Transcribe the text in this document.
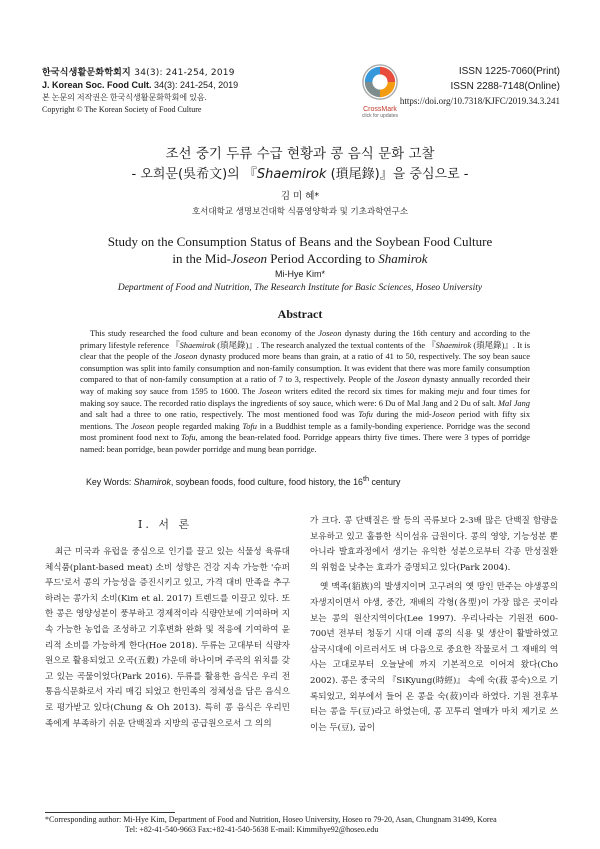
한국식생활문화학회지 34(3): 241-254, 2019
J. Korean Soc. Food Cult. 34(3): 241-254, 2019
본 논문의 저작권은 한국식생활문화학회에 있음.
Copyright © The Korean Society of Food Culture	CrossMark
click for updates
ISSN 1225-7060(Print)
ISSN 2288-7148(Online)
https://doi.org/10.7318/KJFC/2019.34.3.241
조선 중기 두류 수급 현황과 콩 음식 문화 고찰
- 오희문(吳希文)의 『Shaemirok (瑣尾錄)』을 중심으로 -
김 미 혜*
호서대학교 생명보건대학 식품영양학과 및 기초과학연구소
Study on the Consumption Status of Beans and the Soybean Food Culture
in the Mid-Joseon Period According to Shamirok
Mi-Hye Kim*
Department of Food and Nutrition, The Research Institute for Basic Sciences, Hoseo University
Abstract
This study researched the food culture and bean economy of the Joseon dynasty during the 16th century and according to the primary lifestyle reference 『Shaemirok (瑣尾錄)』. The research analyzed the textual contents of the 『Shaemirok (瑣尾錄)』. It is clear that the people of the Joseon dynasty produced more beans than grain, at a ratio of 41 to 50, respectively. The soy bean sauce consumption was split into family consumption and non-family consumption. It was evident that there was more family consumption compared to that of non-family consumption at a ratio of 7 to 3, respectively. People of the Joseon dynasty annually recorded their way of making soy sauce from 1595 to 1600. The Joseon writers edited the record six times for making meju and four times for making soy sauce. The recorded ratio displays the ingredients of soy sauce, which were: 6 Du of Mal Jang and 2 Du of salt. Mal Jang and salt had a three to one ratio, respectively. The most mentioned food was Tofu during the mid-Joseon period with fifty six mentions. The Joseon people regarded making Tofu in a Buddhist temple as a family-bonding experience. Porridge was the second most prominent food next to Tofu, among the bean-related food. Porridge appears thirty five times. There were 3 types of porridge named: bean porridge, bean powder porridge and mung bean porridge.
Key Words: Shamirok, soybean foods, food culture, food history, the 16th century
I. 서 론
최근 미국과 유럽을 중심으로 인기를 끌고 있는 식물성 육류대체식품(plant-based meat) 소비 성향은 건강 지속 가능한 '슈퍼 푸드'로서 콩의 가능성을 증진시키고 있고, 가격 대비 만족을 추구하려는 콩가치 소비(Kim et al. 2017) 트렌드를 이끌고 있다. 또한 콩은 영양성분이 풍부하고 경제적이라 식량안보에 기여하며 지속 가능한 농업을 조성하고 기후변화 완화 및 적응에 기여하여 윤리적 소비를 가능하게 한다(Hoe 2018). 두류는 고대부터 식량자원으로 활용되었고 오곡(五穀) 가운데 하나이며 주곡의 위치를 갖고 있는 곡물이었다(Park 2016). 두류를 활용한 음식은 우리 전통음식문화로서 자리 매김 되었고 한민족의 정체성을 담은 음식으로 평가받고 있다(Chung & Oh 2013). 특히 콩 음식은 우리민족에게 부족하기 쉬운 단백질과 지방의 공급원으로서 그 의의

가 크다. 콩 단백질은 쌀 등의 곡류보다 2-3배 많은 단백질 함량을 보유하고 있고 훌륭한 식이섬유 급원이다. 콩의 영양, 기능성분 뿐 아니라 발효과정에서 생기는 유익한 성분으로부터 각종 만성질환의 위험을 낮추는 효과가 증명되고 있다(Park 2004).

옛 맥족(貊族)의 발생지이며 고구려의 옛 땅인 만주는 야생콩의 자생지이면서 야생, 중간, 재배의 각형(各型)이 가장 많은 곳이라 보는 콩의 원산지역이다(Lee 1997). 우리나라는 기원전 600-700년 전부터 청동기 시대 이래 콩의 식용 및 생산이 활발하였고 삼국시대에 이르러서도 벼 다음으로 중요한 작물로서 그 재배의 역사는 고대로부터 오늘날에 까지 기본적으로 이어져 왔다(Cho 2002). 콩은 중국의 『SiKyung(時經)』 속에 숙(菽 콩숙)으로 기록되었고, 외부에서 들어 온 콩을 숙(菽)이라 하였다. 기원 전후부터는 콩을 두(豆)라고 하였는데, 콩 꼬투리 열매가 마치 제기로 쓰이는 두(豆), 굽이

*Corresponding author: Mi-Hye Kim, Department of Food and Nutrition, Hoseo University, Hoseo ro 79-20, Asan, Chungnam 31499, Korea
Tel: +82-41-540-9663 Fax:+82-41-540-5638 E-mail: Kimmihye92@hoseo.edu
